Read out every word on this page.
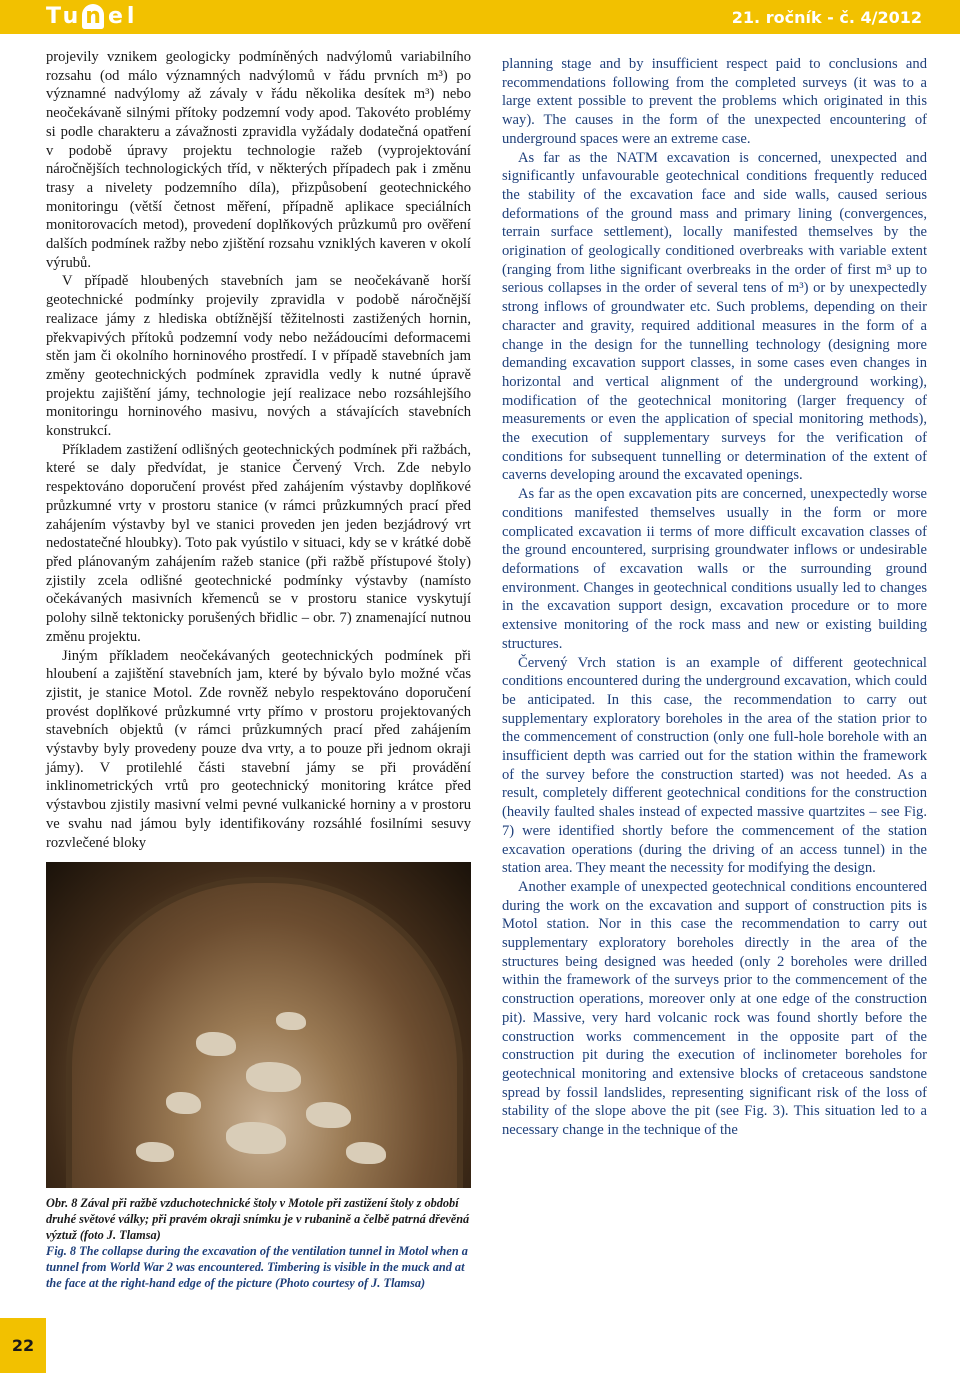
Tu n el	21. ročník - č. 4/2012

projevily vznikem geologicky podmíněných nadvýlomů variabilního rozsahu (od málo významných nadvýlomů v řádu prvních m³) po významné nadvýlomy až závaly v řádu několika desítek m³) nebo neočekávaně silnými přítoky podzemní vody apod. Takovéto problémy si podle charakteru a závažnosti zpravidla vyžádaly dodatečná opatření v podobě úpravy projektu technologie ražeb (vyprojektování náročnějších technologických tříd, v některých případech pak i změnu trasy a nivelety podzemního díla), přizpůsobení geotechnického monitoringu (větší četnost měření, případně aplikace speciálních monitorovacích metod), provedení doplňkových průzkumů pro ověření dalších podmínek ražby nebo zjištění rozsahu vzniklých kaveren v okolí výrubů.

V případě hloubených stavebních jam se neočekávaně horší geotechnické podmínky projevily zpravidla v podobě náročnější realizace jámy z hlediska obtížnější těžitelnosti zastižených hornin, překvapivých přítoků podzemní vody nebo nežádoucími deformacemi stěn jam či okolního horninového prostředí. I v případě stavebních jam změny geotechnických podmínek zpravidla vedly k nutné úpravě projektu zajištění jámy, technologie její realizace nebo rozsáhlejšího monitoringu horninového masivu, nových a stávajících stavebních konstrukcí.

Příkladem zastižení odlišných geotechnických podmínek při ražbách, které se daly předvídat, je stanice Červený Vrch. Zde nebylo respektováno doporučení provést před zahájením výstavby doplňkové průzkumné vrty v prostoru stanice (v rámci průzkumných prací před zahájením výstavby byl ve stanici proveden jen jeden bezjádrový vrt nedostatečné hloubky). Toto pak vyústilo v situaci, kdy se v krátké době před plánovaným zahájením ražeb stanice (při ražbě přístupové štoly) zjistily zcela odlišné geotechnické podmínky výstavby (namísto očekávaných masivních křemenců se v prostoru stanice vyskytují polohy silně tektonicky porušených břidlic – obr. 7) znamenající nutnou změnu projektu.

Jiným příkladem neočekávaných geotechnických podmínek při hloubení a zajištění stavebních jam, které by bývalo bylo možné včas zjistit, je stanice Motol. Zde rovněž nebylo respektováno doporučení provést doplňkové průzkumné vrty přímo v prostoru projektovaných stavebních objektů (v rámci průzkumných prací před zahájením výstavby byly provedeny pouze dva vrty, a to pouze při jednom okraji jámy). V protilehlé části stavební jámy se při provádění inklinometrických vrtů pro geotechnický monitoring krátce před výstavbou zjistily masivní velmi pevné vulkanické horniny a v prostoru ve svahu nad jámou byly identifikovány rozsáhlé fosilními sesuvy rozvlečené bloky

planning stage and by insufficient respect paid to conclusions and recommendations following from the completed surveys (it was to a large extent possible to prevent the problems which originated in this way). The causes in the form of the unexpected encountering of underground spaces were an extreme case.

As far as the NATM excavation is concerned, unexpected and significantly unfavourable geotechnical conditions frequently reduced the stability of the excavation face and side walls, caused serious deformations of the ground mass and primary lining (convergences, terrain surface settlement), locally manifested themselves by the origination of geologically conditioned overbreaks with variable extent (ranging from lithe significant overbreaks in the order of first m³ up to serious collapses in the order of several tens of m³) or by unexpectedly strong inflows of groundwater etc. Such problems, depending on their character and gravity, required additional measures in the form of a change in the design for the tunnelling technology (designing more demanding excavation support classes, in some cases even changes in horizontal and vertical alignment of the underground working), modification of the geotechnical monitoring (larger frequency of measurements or even the application of special monitoring methods), the execution of supplementary surveys for the verification of conditions for subsequent tunnelling or determination of the extent of caverns developing around the excavated openings.

As far as the open excavation pits are concerned, unexpectedly worse conditions manifested themselves usually in the form or more complicated excavation ii terms of more difficult excavation classes of the ground encountered, surprising groundwater inflows or undesirable deformations of excavation walls or the surrounding ground environment. Changes in geotechnical conditions usually led to changes in the excavation support design, excavation procedure or to more extensive monitoring of the rock mass and new or existing building structures.

Červený Vrch station is an example of different geotechnical conditions encountered during the underground excavation, which could be anticipated. In this case, the recommendation to carry out supplementary exploratory boreholes in the area of the station prior to the commencement of construction (only one full-hole borehole with an insufficient depth was carried out for the station within the framework of the survey before the construction started) was not heeded. As a result, completely different geotechnical conditions for the construction (heavily faulted shales instead of expected massive quartzites – see Fig. 7) were identified shortly before the commencement of the station excavation operations (during the driving of an access tunnel) in the station area. They meant the necessity for modifying the design.

Another example of unexpected geotechnical conditions encountered during the work on the excavation and support of construction pits is Motol station. Nor in this case the recommendation to carry out supplementary exploratory boreholes directly in the area of the structures being designed was heeded (only 2 boreholes were drilled within the framework of the surveys prior to the commencement of the construction operations, moreover only at one edge of the construction pit). Massive, very hard volcanic rock was found shortly before the construction works commencement in the opposite part of the construction pit during the execution of inclinometer boreholes for geotechnical monitoring and extensive blocks of cretaceous sandstone spread by fossil landslides, representing significant risk of the loss of stability of the slope above the pit (see Fig. 3). This situation led to a necessary change in the technique of the

Obr. 8 Zával při ražbě vzduchotechnické štoly v Motole při zastižení štoly z období druhé světové války; při pravém okraji snímku je v rubanině a čelbě patrná dřevěná výztuž (foto J. Tlamsa)
Fig. 8 The collapse during the excavation of the ventilation tunnel in Motol when a tunnel from World War 2 was encountered. Timbering is visible in the muck and at the face at the right-hand edge of the picture (Photo courtesy of J. Tlamsa)
22
